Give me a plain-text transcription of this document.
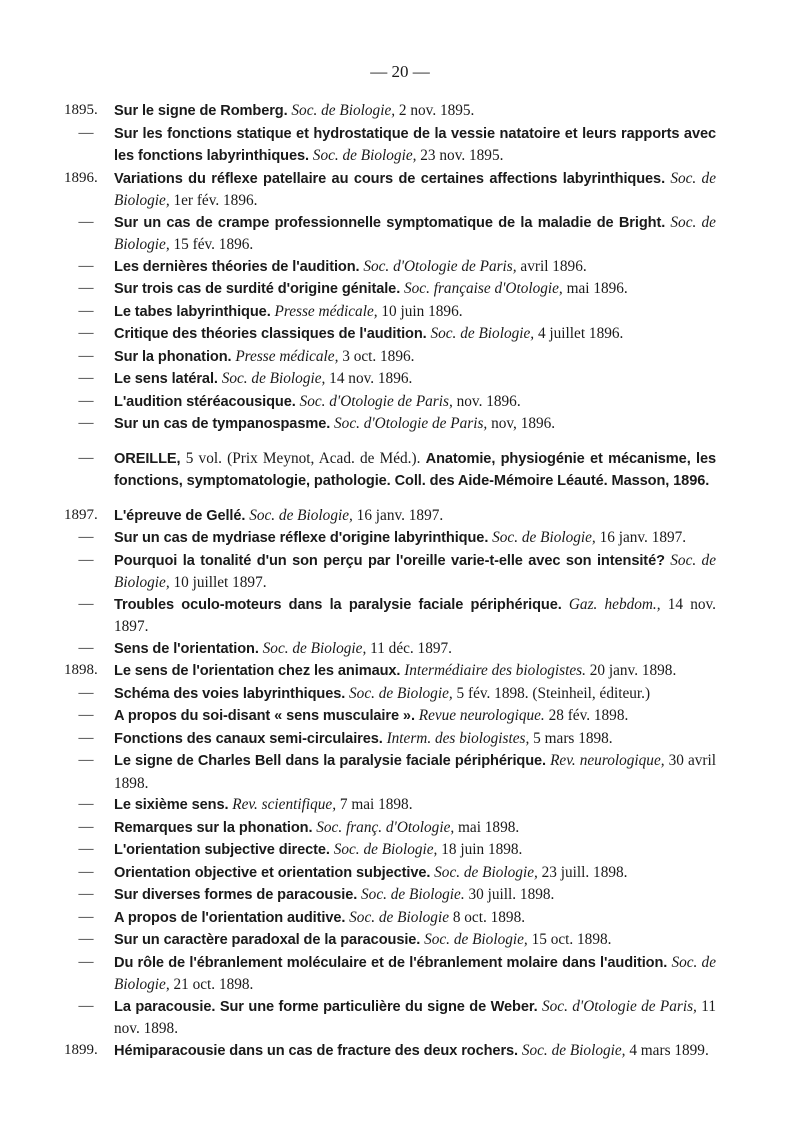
— 20 —
1895.	Sur le signe de Romberg. Soc. de Biologie, 2 nov. 1895.
—	Sur les fonctions statique et hydrostatique de la vessie natatoire et leurs rapports avec les fonctions labyrinthiques. Soc. de Biologie, 23 nov. 1895.
1896.	Variations du réflexe patellaire au cours de certaines affections labyrinthiques. Soc. de Biologie, 1er fév. 1896.
—	Sur un cas de crampe professionnelle symptomatique de la maladie de Bright. Soc. de Biologie, 15 fév. 1896.
—	Les dernières théories de l'audition. Soc. d'Otologie de Paris, avril 1896.
—	Sur trois cas de surdité d'origine génitale. Soc. française d'Otologie, mai 1896.
—	Le tabes labyrinthique. Presse médicale, 10 juin 1896.
—	Critique des théories classiques de l'audition. Soc. de Biologie, 4 juillet 1896.
—	Sur la phonation. Presse médicale, 3 oct. 1896.
—	Le sens latéral. Soc. de Biologie, 14 nov. 1896.
—	L'audition stéréacousique. Soc. d'Otologie de Paris, nov. 1896.
—	Sur un cas de tympanospasme. Soc. d'Otologie de Paris, nov, 1896.
—	OREILLE, 5 vol. (Prix Meynot, Acad. de Méd.). Anatomie, physiogénie et mécanisme, les fonctions, symptomatologie, pathologie. Coll. des Aide-Mémoire Léauté. Masson, 1896.
1897.	L'épreuve de Gellé. Soc. de Biologie, 16 janv. 1897.
—	Sur un cas de mydriase réflexe d'origine labyrinthique. Soc. de Biologie, 16 janv. 1897.
—	Pourquoi la tonalité d'un son perçu par l'oreille varie-t-elle avec son intensité? Soc. de Biologie, 10 juillet 1897.
—	Troubles oculo-moteurs dans la paralysie faciale périphérique. Gaz. hebdom., 14 nov. 1897.
—	Sens de l'orientation. Soc. de Biologie, 11 déc. 1897.
1898.	Le sens de l'orientation chez les animaux. Intermédiaire des biologistes. 20 janv. 1898.
—	Schéma des voies labyrinthiques. Soc. de Biologie, 5 fév. 1898. (Steinheil, éditeur.)
—	A propos du soi-disant « sens musculaire ». Revue neurologique. 28 fév. 1898.
—	Fonctions des canaux semi-circulaires. Interm. des biologistes, 5 mars 1898.
—	Le signe de Charles Bell dans la paralysie faciale périphérique. Rev. neurologique, 30 avril 1898.
—	Le sixième sens. Rev. scientifique, 7 mai 1898.
—	Remarques sur la phonation. Soc. franç. d'Otologie, mai 1898.
—	L'orientation subjective directe. Soc. de Biologie, 18 juin 1898.
—	Orientation objective et orientation subjective. Soc. de Biologie, 23 juill. 1898.
—	Sur diverses formes de paracousie. Soc. de Biologie. 30 juill. 1898.
—	A propos de l'orientation auditive. Soc. de Biologie 8 oct. 1898.
—	Sur un caractère paradoxal de la paracousie. Soc. de Biologie, 15 oct. 1898.
—	Du rôle de l'ébranlement moléculaire et de l'ébranlement molaire dans l'audition. Soc. de Biologie, 21 oct. 1898.
—	La paracousie. Sur une forme particulière du signe de Weber. Soc. d'Otologie de Paris, 11 nov. 1898.
1899.	Hémiparacousie dans un cas de fracture des deux rochers. Soc. de Biologie, 4 mars 1899.
